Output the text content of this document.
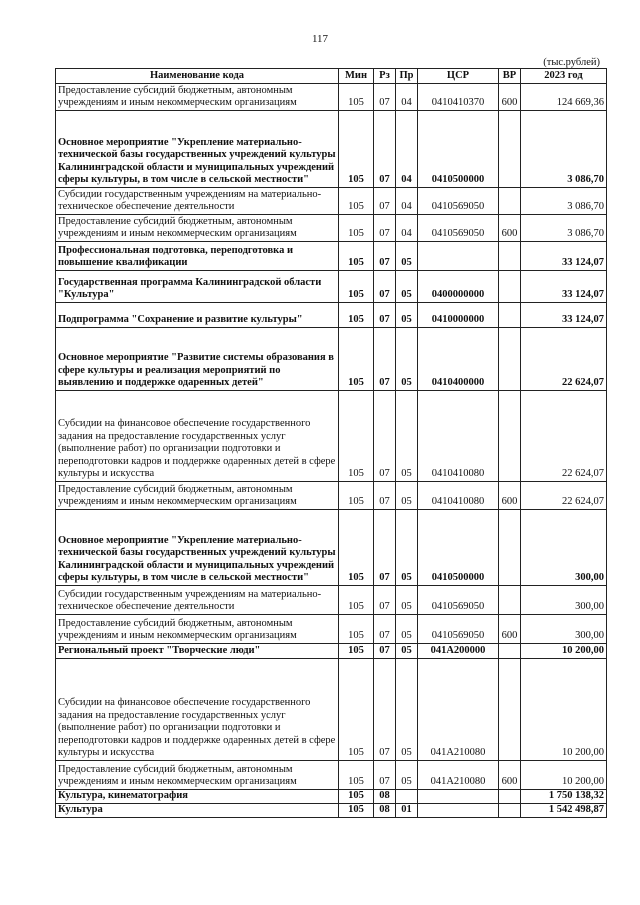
117
(тыс.рублей)
Наименование кода	Мин	Рз	Пр	ЦСР	ВР	2023 год
Предоставление субсидий бюджетным, автономным учреждениям и иным некоммерческим организациям	105	07	04	0410410370	600	124 669,36
Основное мероприятие "Укрепление материально-технической базы государственных учреждений культуры Калининградской области и муниципальных учреждений сферы культуры, в том числе в сельской местности"	105	07	04	0410500000		3 086,70
Субсидии государственным учреждениям на материально-техническое обеспечение деятельности	105	07	04	0410569050		3 086,70
Предоставление субсидий бюджетным, автономным учреждениям и иным некоммерческим организациям	105	07	04	0410569050	600	3 086,70
Профессиональная подготовка, переподготовка и повышение квалификации	105	07	05			33 124,07
Государственная программа Калининградской области "Культура"	105	07	05	0400000000		33 124,07
Подпрограмма "Сохранение и развитие культуры"	105	07	05	0410000000		33 124,07
Основное мероприятие "Развитие системы образования в сфере культуры и реализация мероприятий по выявлению и поддержке одаренных детей"	105	07	05	0410400000		22 624,07
Субсидии на финансовое обеспечение государственного задания на предоставление государственных услуг (выполнение работ) по организации подготовки и переподготовки кадров и поддержке одаренных детей в сфере культуры и искусства	105	07	05	0410410080		22 624,07
Предоставление субсидий бюджетным, автономным учреждениям и иным некоммерческим организациям	105	07	05	0410410080	600	22 624,07
Основное мероприятие "Укрепление материально-технической базы государственных учреждений культуры Калининградской области и муниципальных учреждений сферы культуры, в том числе в сельской местности"	105	07	05	0410500000		300,00
Субсидии государственным учреждениям на материально-техническое обеспечение деятельности	105	07	05	0410569050		300,00
Предоставление субсидий бюджетным, автономным учреждениям и иным некоммерческим организациям	105	07	05	0410569050	600	300,00
Региональный проект "Творческие люди"	105	07	05	041A200000		10 200,00
Субсидии на финансовое обеспечение государственного задания на предоставление государственных услуг (выполнение работ) по организации подготовки и переподготовки кадров и поддержке одаренных детей в сфере культуры и искусства	105	07	05	041A210080		10 200,00
Предоставление субсидий бюджетным, автономным учреждениям и иным некоммерческим организациям	105	07	05	041A210080	600	10 200,00
Культура, кинематография	105	08				1 750 138,32
Культура	105	08	01			1 542 498,87
